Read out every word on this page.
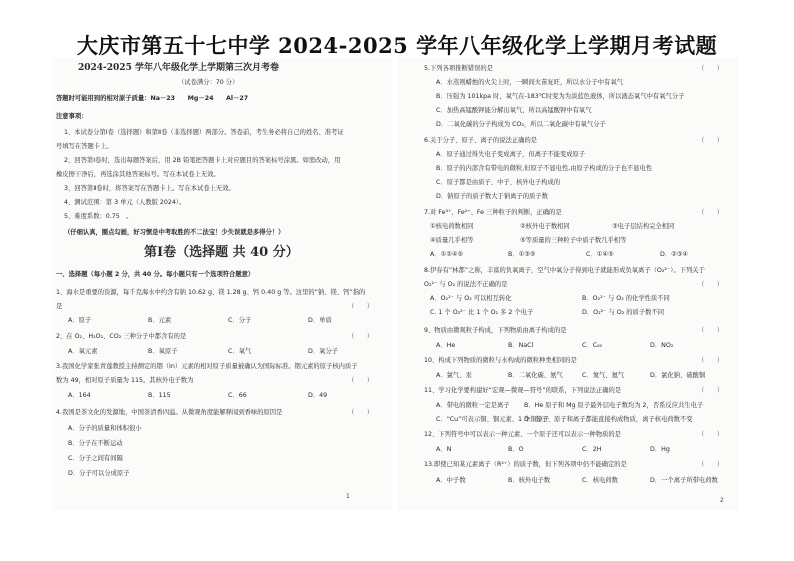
大庆市第五十七中学 2024-2025 学年八年级化学上学期月考试题
2024-2025 学年八年级化学上学期第三次月考卷
（试卷满分：70 分）
答题时可能用到的相对原子质量：Na－23　　Mg－24　　Al－27
注意事项：
1、本试卷分第Ⅰ卷（选择题）和第Ⅱ卷（非选择题）两部分。答卷前，考生务必将自己的姓名、准考证
号填写在答题卡上。
2、回答第Ⅰ卷时，选出每题答案后，用 2B 铅笔把答题卡上对应题目的答案标号涂黑。如需改动，用
橡皮擦干净后，再选涂其他答案标号。写在本试卷上无效。
3、回答第Ⅱ卷时，将答案写在答题卡上。写在本试卷上无效。
4、测试范围：第 3 单元（人教版 2024）。
5、难度系数：0.75　。
（仔细认真，圈点勾画，好习惯是中考取胜的不二法宝！少失误就是多得分！）
第Ⅰ卷（选择题 共 40 分）
一、选择题（每小题 2 分，共 40 分。每小题只有一个选项符合题意）
1、海水是重要的资源，每千克海水中约含有钠 10.62 g、镁 1.28 g、钙 0.40 g 等。这里的“钠、镁、钙”指的
是	（　　）
A．原子	B．元素	C．分子	D．单质
2、在 O₂、H₂O₂、CO₂ 三种分子中都含有的是	（　　）
A．氧元素	B．氧原子	C．氧气	D．氧分子
3.我国化学家张青莲教授主持测定的铟（In）元素的相对原子质量被确认为国际标准。铟元素的原子核内质子
数为 49，相对原子质量为 115。其核外电子数为	（　　）
A．164	B．115	C．66	D．49
4.我国是茶文化的发源地，中国茶清香四溢。从微观角度能解释闻到香味的原因是	（　　）
A．分子的质量和体积很小
B．分子在不断运动
C．分子之间有间隔
D．分子可以分成原子
1
5.下列各项推断错误的是	（　　）
A．水蒸则蜡烛的火尖上时，一瞬间火苗复旺，所以水分子中有氧气
B．压强为 101kpa 时，氧气在-183℃时变为为淡蓝色液体，所以液态氧气中有氧气分子
C．加热高锰酸钾能分解出氧气，所以高锰酸钾中有氧气
D．二氧化碳的分子构成为 CO₂，所以二氧化碳中有氧气分子
6.关于分子、原子、离子的说法正确的是	（　　）
A．原子通过得失电子变成离子，但离子不能变成原子
B．原子的内部含有带电的微粒,但原子不显电性,由原子构成的分子也不显电性
C．原子都是由质子、中子、核外电子构成的
D．钠原子的质子数大于钠离子的质子数
7.对 Fe³⁺、Fe²⁺、Fe 三种粒子的判断，正确的是	（　　）
①核电荷数相同	②核外电子数相同	③电子层结构完全相同
④质量几乎相等	⑤等质量的三种粒子中质子数几乎相等
A．①②④⑤	B．①③⑤	C．①④⑤	D．②③④
8.伊春有“林都”之称，丰富的负氧离子，空气中氧分子得到电子就能形成负氧离子（O₂²⁻）。下列关于
O₂²⁻ 与 O₂ 的说法不正确的是	（　　）
A．O₂²⁻ 与 O₂ 可以相互转化	B．O₂²⁻ 与 O₂ 的化学性质不同
C. 1 个 O₂²⁻ 比 1 个 O₂ 多 2 个电子	D．O₂²⁻ 与 O₂ 的质子数不同
9、物质由微观粒子构成，下列物质由离子构成的是	（　　）
A．He	B．NaCl	C．C₆₀	D．NO₂
10、构成下列物质的微粒与水构成的微粒种类相同的是	（　　）
A．氯气、汞	B．二氧化碳、氨气	C．氮气、氦气	D．氯化钠、硫酸铜
11、学习化学要构建好“宏观—微观—符号”的联系，下列说法正确的是	（　　）
A．带电的微粒一定是离子 B．He 原子和 Mg 原子最外层电子数均为 2，否系反应共生电子
C．“Cu”可表示铜、铜元素、1 个铜原子
D．分子、原子和离子都能直接构成物质，离子核电荷数不变
12、下列符号中可以表示一种元素、一个原子还可以表示一种物质的是	（　　）
A．N	B．O	C．2H	D．Hg
13.即使已知某元素离子（R²⁺）的质子数，但下列各项中仍不能确定的是	（　　）
A．中子数	B．核外电子数	C．核电荷数	D．一个离子所带电荷数
2
